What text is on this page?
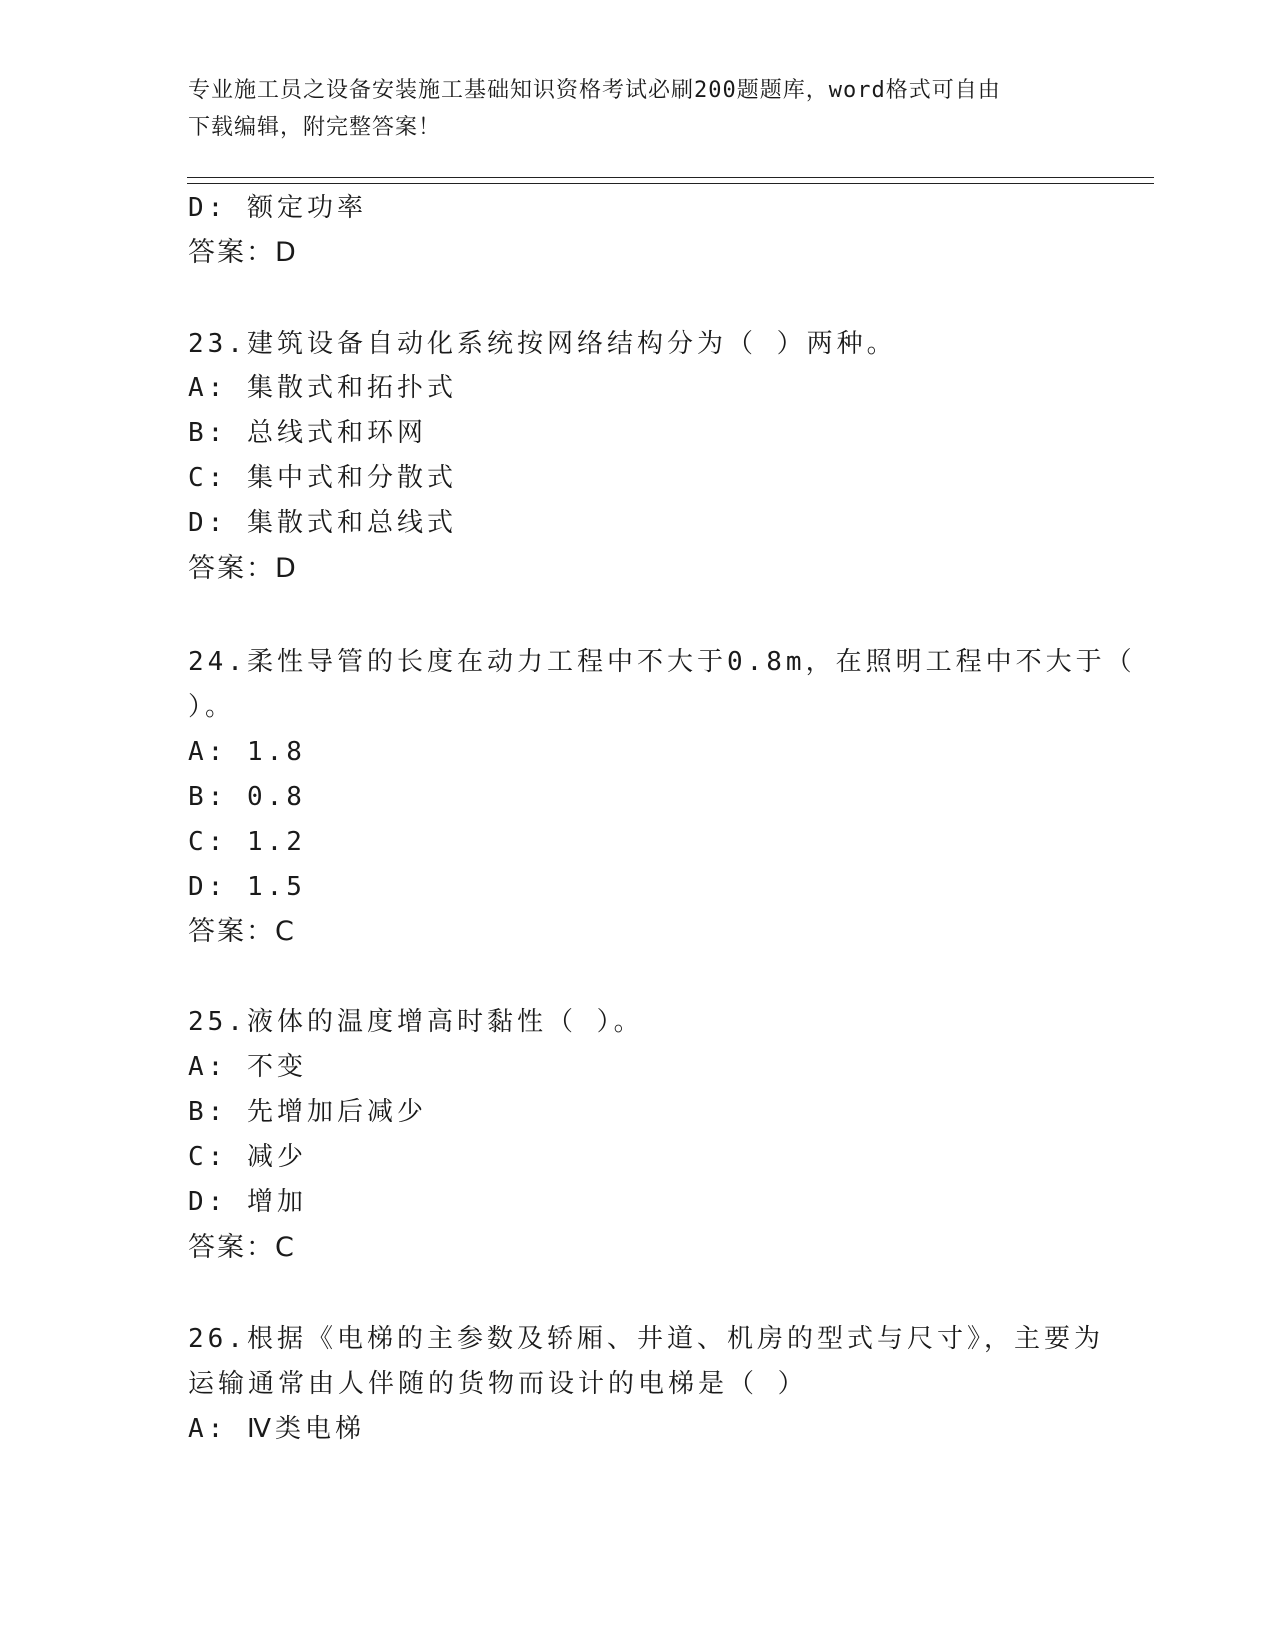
专业施工员之设备安装施工基础知识资格考试必刷200题题库，word格式可自由
下载编辑，附完整答案！
D: 额定功率
答案：D
23.建筑设备自动化系统按网络结构分为（ ）两种。
A: 集散式和拓扑式
B: 总线式和环网
C: 集中式和分散式
D: 集散式和总线式
答案：D
24.柔性导管的长度在动力工程中不大于0.8m，在照明工程中不大于（
）。
A: 1.8
B: 0.8
C: 1.2
D: 1.5
答案：C
25.液体的温度增高时黏性（ ）。
A: 不变
B: 先增加后减少
C: 减少
D: 增加
答案：C
26.根据《电梯的主参数及轿厢、井道、机房的型式与尺寸》，主要为
运输通常由人伴随的货物而设计的电梯是（ ）
A: Ⅳ类电梯
